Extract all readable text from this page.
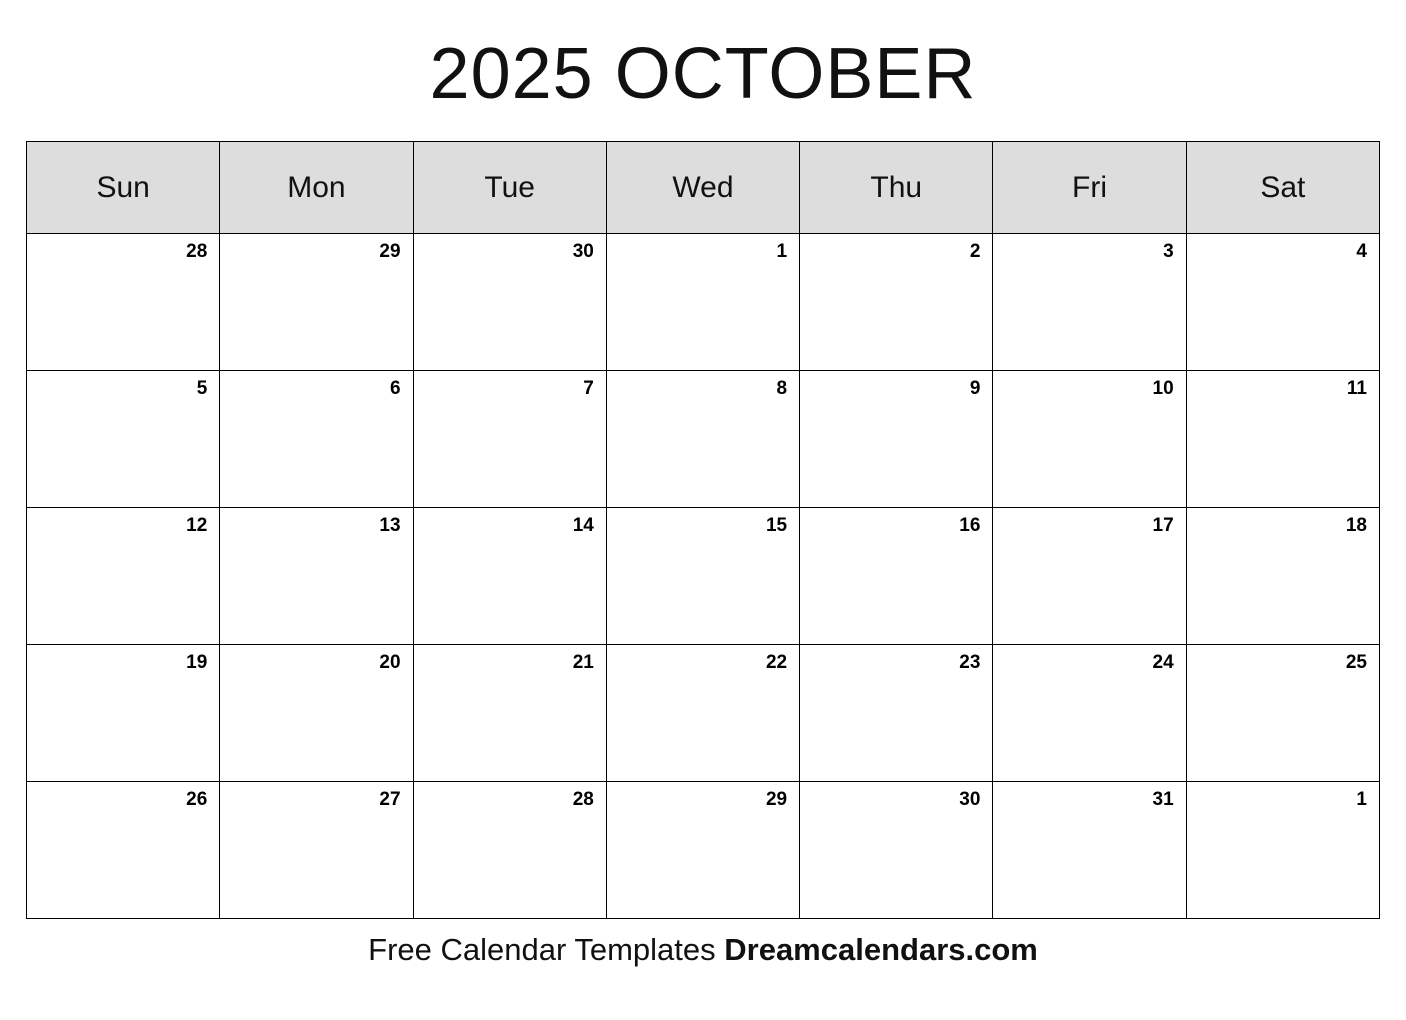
2025 OCTOBER
Sun	Mon	Tue	Wed	Thu	Fri	Sat
28	29	30	1	2	3	4
5	6	7	8	9	10	11
12	13	14	15	16	17	18
19	20	21	22	23	24	25
26	27	28	29	30	31	1
Free Calendar Templates Dreamcalendars.com
